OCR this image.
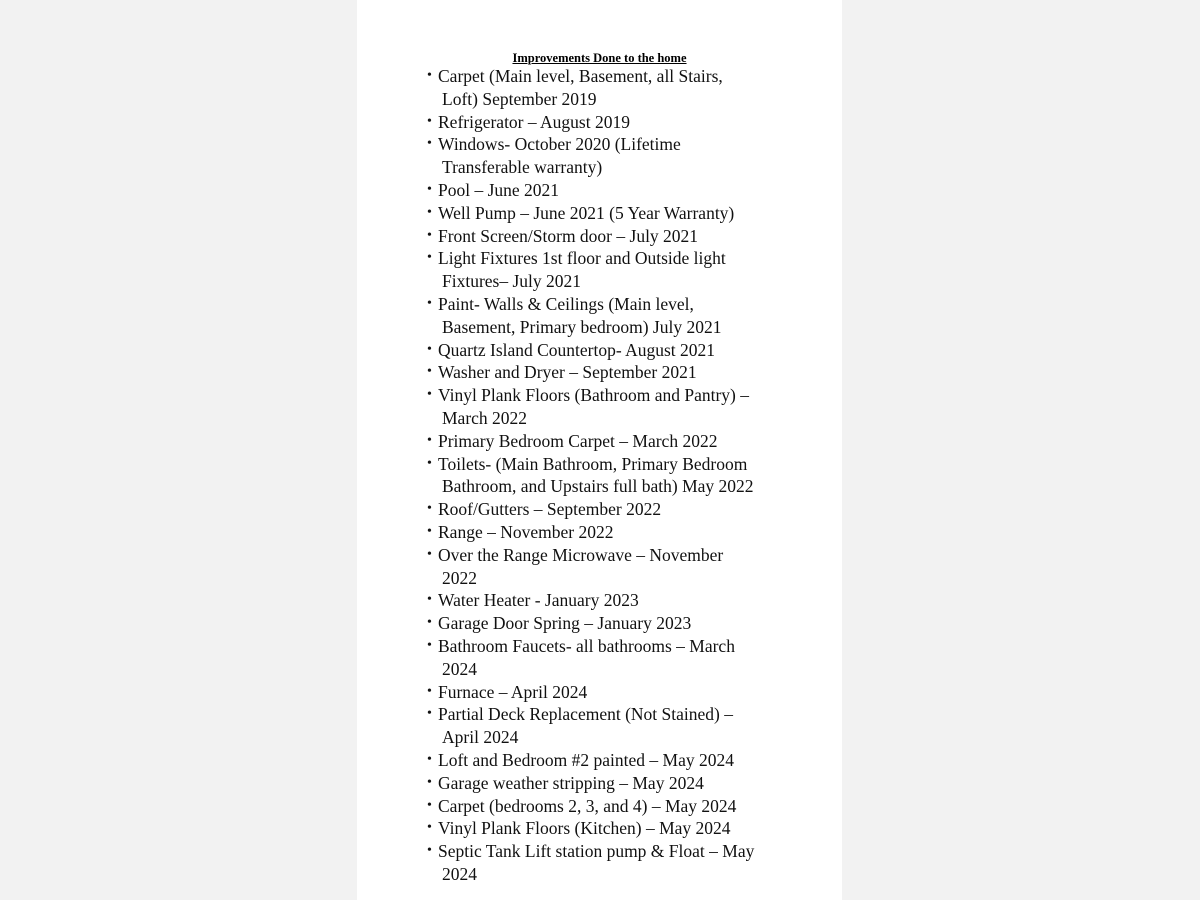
Improvements Done to the home
• Carpet (Main level, Basement, all Stairs,
Loft) September 2019
• Refrigerator – August 2019
• Windows- October 2020 (Lifetime
Transferable warranty)
• Pool – June 2021
• Well Pump – June 2021 (5 Year Warranty)
• Front Screen/Storm door – July 2021
• Light Fixtures 1st floor and Outside light
Fixtures– July 2021
• Paint- Walls & Ceilings (Main level,
Basement, Primary bedroom) July 2021
• Quartz Island Countertop- August 2021
• Washer and Dryer – September 2021
• Vinyl Plank Floors (Bathroom and Pantry) –
March 2022
• Primary Bedroom Carpet – March 2022
• Toilets- (Main Bathroom, Primary Bedroom
Bathroom, and Upstairs full bath) May 2022
• Roof/Gutters – September 2022
• Range – November 2022
• Over the Range Microwave – November
2022
• Water Heater - January 2023
• Garage Door Spring – January 2023
• Bathroom Faucets- all bathrooms – March
2024
• Furnace – April 2024
• Partial Deck Replacement (Not Stained) –
April 2024
• Loft and Bedroom #2 painted – May 2024
• Garage weather stripping – May 2024
• Carpet (bedrooms 2, 3, and 4) – May 2024
• Vinyl Plank Floors (Kitchen) – May 2024
• Septic Tank Lift station pump & Float – May
2024
